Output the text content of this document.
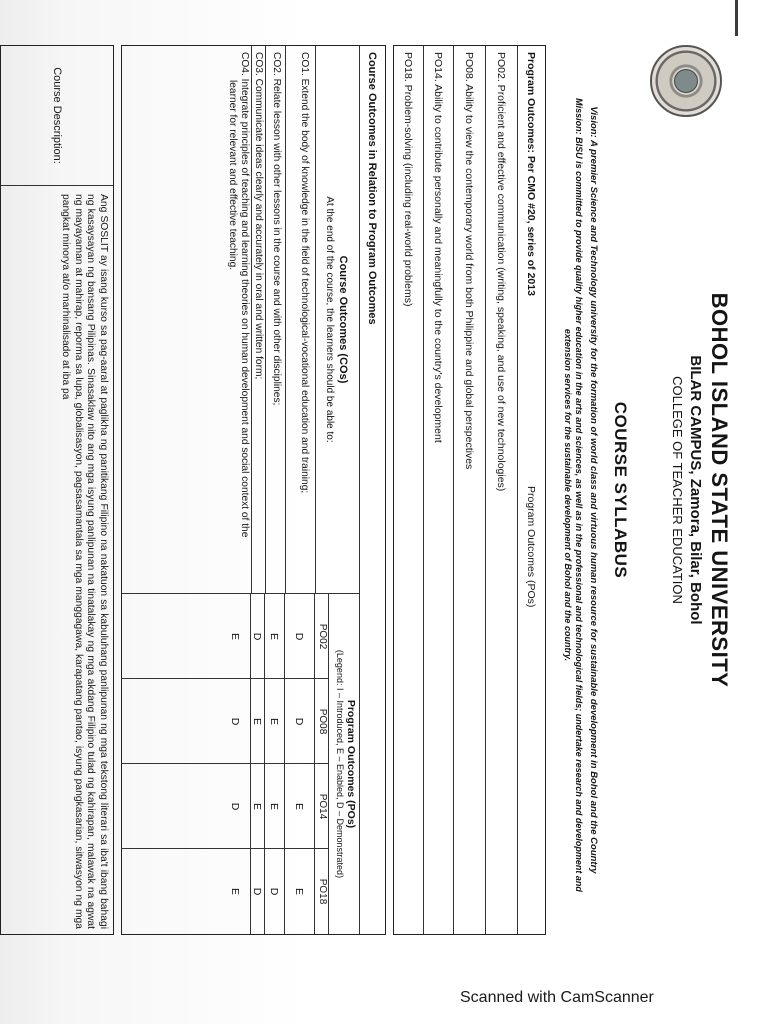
BOHOL ISLAND STATE UNIVERSITY
BILAR CAMPUS, Zamora, Bilar, Bohol
COLLEGE OF TEACHER EDUCATION
COURSE SYLLABUS
Vision: A premier Science and Technology university for the formation of world class and virtuous human resource for sustainable development in Bohol and the Country
Mission: BISU is committed to provide quality higher education in the arts and sciences, as well as in the professional and technological fields; undertake research and development and extension services for the sustainable development of Bohol and the country.
Program Outcomes: Per CMO #20, series of 2013
Program Outcomes (POs)
PO02. Proficient and effective communication (writing, speaking, and use of new technologies)
PO08. Ability to view the contemporary world from both Philippine and global perspectives
PO14. Ability to contribute personally and meaningfully to the country's development
PO18. Problem-solving (including real-world problems)
Course Outcomes in Relation to Program Outcomes
Course Outcomes (COs)
At the end of the course, the learners should be able to:
CO1. Extend the body of knowledge in the field of technological-vocational education and training;
CO2. Relate lesson with other lessons in the course and with other disciplines;
CO3. Communicate ideas clearly and accurately in oral and written form;
CO4. Integrate principles of teaching and learning theories on human development and social context of the
learner for relevant and effective teaching.
Program Outcomes (POs)
(Legend: I – Introduced, E – Enabled, D – Demonstrated)
PO02
D
E
D
E
PO08
D
E
E
D
PO14
E
E
E
D
PO18
E
D
D
E
Course Description:
Ang SOSLIT ay isang kurso sa pag-aaral at paglikha ng panitikang Filipino na nakatuon sa kabuluhang panlipunan ng mga tekstong literari sa iba't ibang bahagi ng kasaysayan ng bansang Pilipinas. Sinasaklaw nito ang mga isyung panlipunan na tinatalakay ng mga akdang Filipino tulad ng kahirapan, malawak na agwat ng mayayaman at mahirap, reporma sa lupa, globalisasyon, pagsasamantala sa mga manggagawa, karapatang pantao, isyung pangkasarian, sitwasyon ng mga pangkat minorya at/o marhinalisado at iba pa
Scanned with CamScanner
